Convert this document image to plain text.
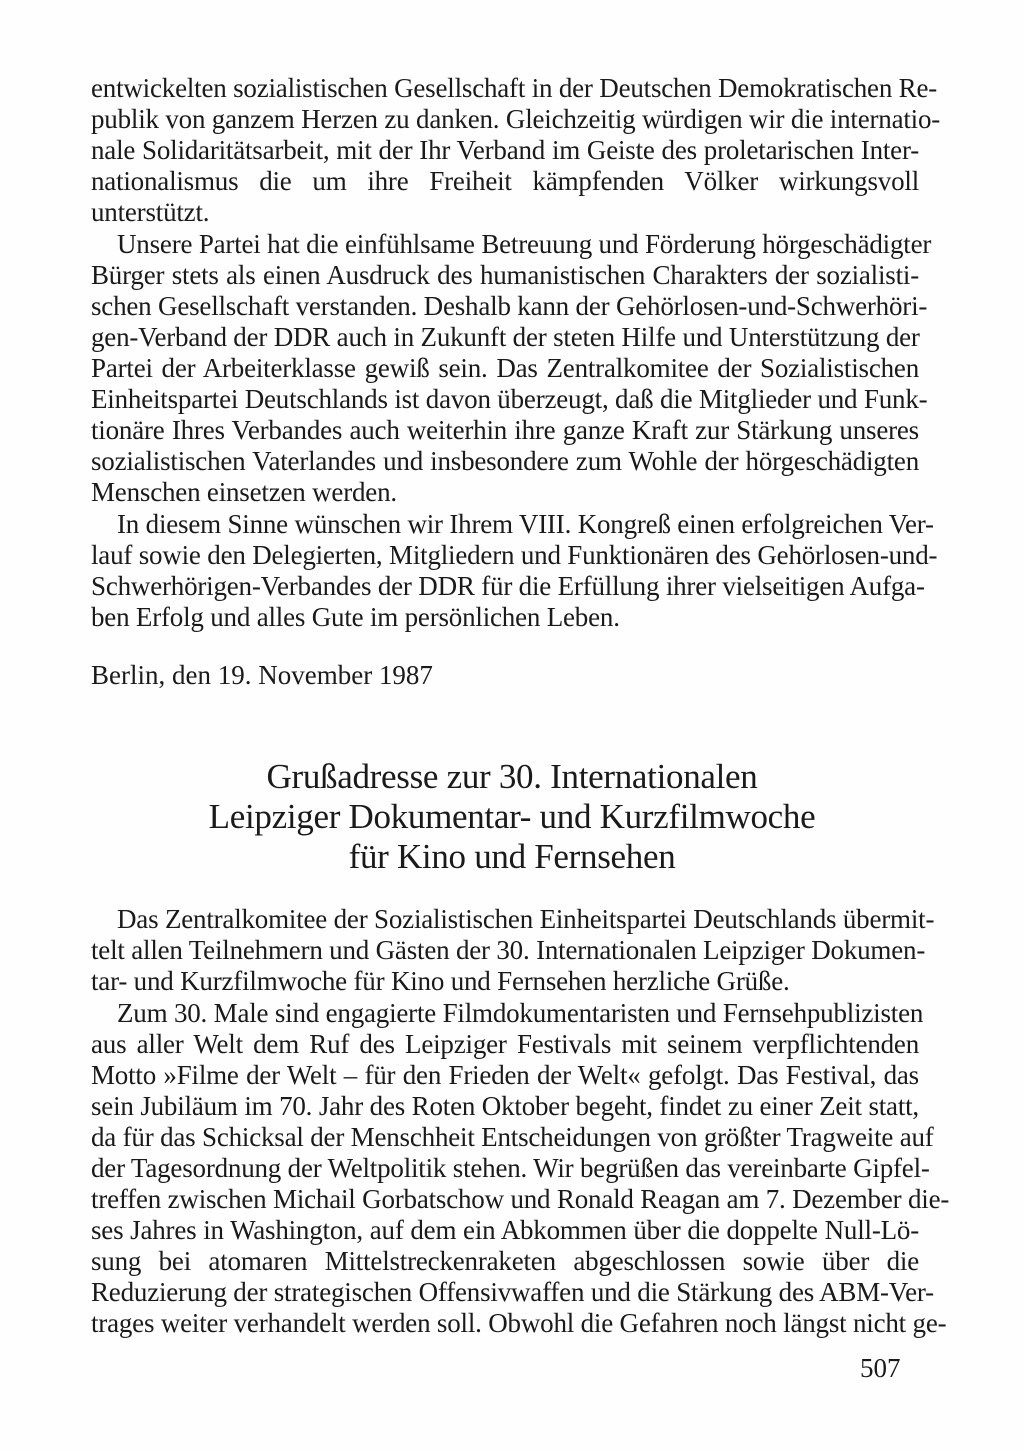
entwickelten sozialistischen Gesellschaft in der Deutschen Demokratischen Re-
publik von ganzem Herzen zu danken. Gleichzeitig würdigen wir die internatio-
nale Solidaritätsarbeit, mit der Ihr Verband im Geiste des proletarischen Inter-
nationalismus die um ihre Freiheit kämpfenden Völker wirkungsvoll
unterstützt.
Unsere Partei hat die einfühlsame Betreuung und Förderung hörgeschädigter
Bürger stets als einen Ausdruck des humanistischen Charakters der sozialisti-
schen Gesellschaft verstanden. Deshalb kann der Gehörlosen-und-Schwerhöri-
gen-Verband der DDR auch in Zukunft der steten Hilfe und Unterstützung der
Partei der Arbeiterklasse gewiß sein. Das Zentralkomitee der Sozialistischen
Einheitspartei Deutschlands ist davon überzeugt, daß die Mitglieder und Funk-
tionäre Ihres Verbandes auch weiterhin ihre ganze Kraft zur Stärkung unseres
sozialistischen Vaterlandes und insbesondere zum Wohle der hörgeschädigten
Menschen einsetzen werden.
In diesem Sinne wünschen wir Ihrem VIII. Kongreß einen erfolgreichen Ver-
lauf sowie den Delegierten, Mitgliedern und Funktionären des Gehörlosen-und-
Schwerhörigen-Verbandes der DDR für die Erfüllung ihrer vielseitigen Aufga-
ben Erfolg und alles Gute im persönlichen Leben.
Berlin, den 19. November 1987
Grußadresse zur 30. Internationalen
Leipziger Dokumentar- und Kurzfilmwoche
für Kino und Fernsehen
Das Zentralkomitee der Sozialistischen Einheitspartei Deutschlands übermit-
telt allen Teilnehmern und Gästen der 30. Internationalen Leipziger Dokumen-
tar- und Kurzfilmwoche für Kino und Fernsehen herzliche Grüße.
Zum 30. Male sind engagierte Filmdokumentaristen und Fernsehpublizisten
aus aller Welt dem Ruf des Leipziger Festivals mit seinem verpflichtenden
Motto »Filme der Welt – für den Frieden der Welt« gefolgt. Das Festival, das
sein Jubiläum im 70. Jahr des Roten Oktober begeht, findet zu einer Zeit statt,
da für das Schicksal der Menschheit Entscheidungen von größter Tragweite auf
der Tagesordnung der Weltpolitik stehen. Wir begrüßen das vereinbarte Gipfel-
treffen zwischen Michail Gorbatschow und Ronald Reagan am 7. Dezember die-
ses Jahres in Washington, auf dem ein Abkommen über die doppelte Null-Lö-
sung bei atomaren Mittelstreckenraketen abgeschlossen sowie über die
Reduzierung der strategischen Offensivwaffen und die Stärkung des ABM-Ver-
trages weiter verhandelt werden soll. Obwohl die Gefahren noch längst nicht ge-
507
